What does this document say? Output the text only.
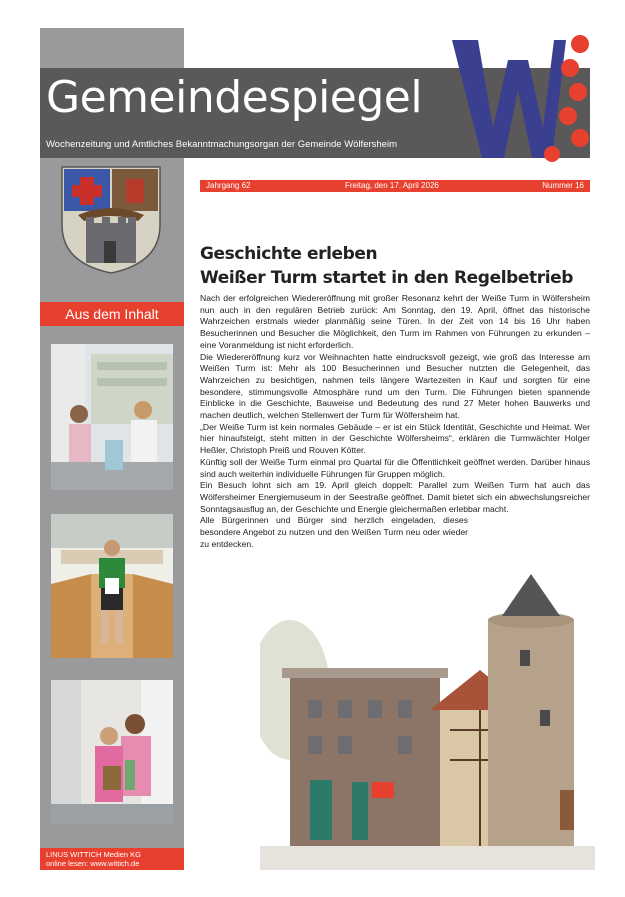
Gemeindespiegel
Wochenzeitung und Amtliches Bekanntmachungsorgan der Gemeinde Wölfersheim
Jahrgang 62	Freitag, den 17. April 2026	Nummer 16
Aus dem Inhalt
LINUS WITTICH Medien KG
online lesen: www.wittich.de
Geschichte erleben
Weißer Turm startet in den Regelbetrieb

Nach der erfolgreichen Wiedereröffnung mit großer Resonanz kehrt der Weiße Turm in Wölfersheim nun auch in den regulären Betrieb zurück: Am Sonntag, den 19. April, öffnet das historische Wahrzeichen erstmals wieder planmäßig seine Türen. In der Zeit von 14 bis 16 Uhr haben Besucherinnen und Besucher die Möglichkeit, den Turm im Rahmen von Führungen zu erkunden – eine Voranmeldung ist nicht erforderlich.

Die Wiedereröffnung kurz vor Weihnachten hatte eindrucksvoll gezeigt, wie groß das Interesse am Weißen Turm ist: Mehr als 100 Besucherinnen und Besucher nutzten die Gelegenheit, das Wahrzeichen zu besichtigen, nahmen teils längere Wartezeiten in Kauf und sorgten für eine besondere, stimmungsvolle Atmosphäre rund um den Turm. Die Führungen bieten spannende Einblicke in die Geschichte, Bauweise und Bedeutung des rund 27 Meter hohen Bauwerks und machen deutlich, welchen Stellenwert der Turm für Wölfersheim hat.

„Der Weiße Turm ist kein normales Gebäude – er ist ein Stück Identität, Geschichte und Heimat. Wer hier hinaufsteigt, steht mitten in der Geschichte Wölfersheims“, erklären die Turmwächter Holger Heßler, Christoph Preiß und Rouven Kötter.

Künftig soll der Weiße Turm einmal pro Quartal für die Öffentlichkeit geöffnet werden. Darüber hinaus sind auch weiterhin individuelle Führungen für Gruppen möglich.

Ein Besuch lohnt sich am 19. April gleich doppelt: Parallel zum Weißen Turm hat auch das Wölfersheimer Energiemuseum in der Seestraße geöffnet. Damit bietet sich ein abwechslungsreicher Sonntagsausflug an, der Geschichte und Energie gleichermaßen erlebbar macht.

Alle Bürgerinnen und Bürger sind herzlich eingeladen, dieses besondere Angebot zu nutzen und den Weißen Turm neu oder wieder zu entdecken.
